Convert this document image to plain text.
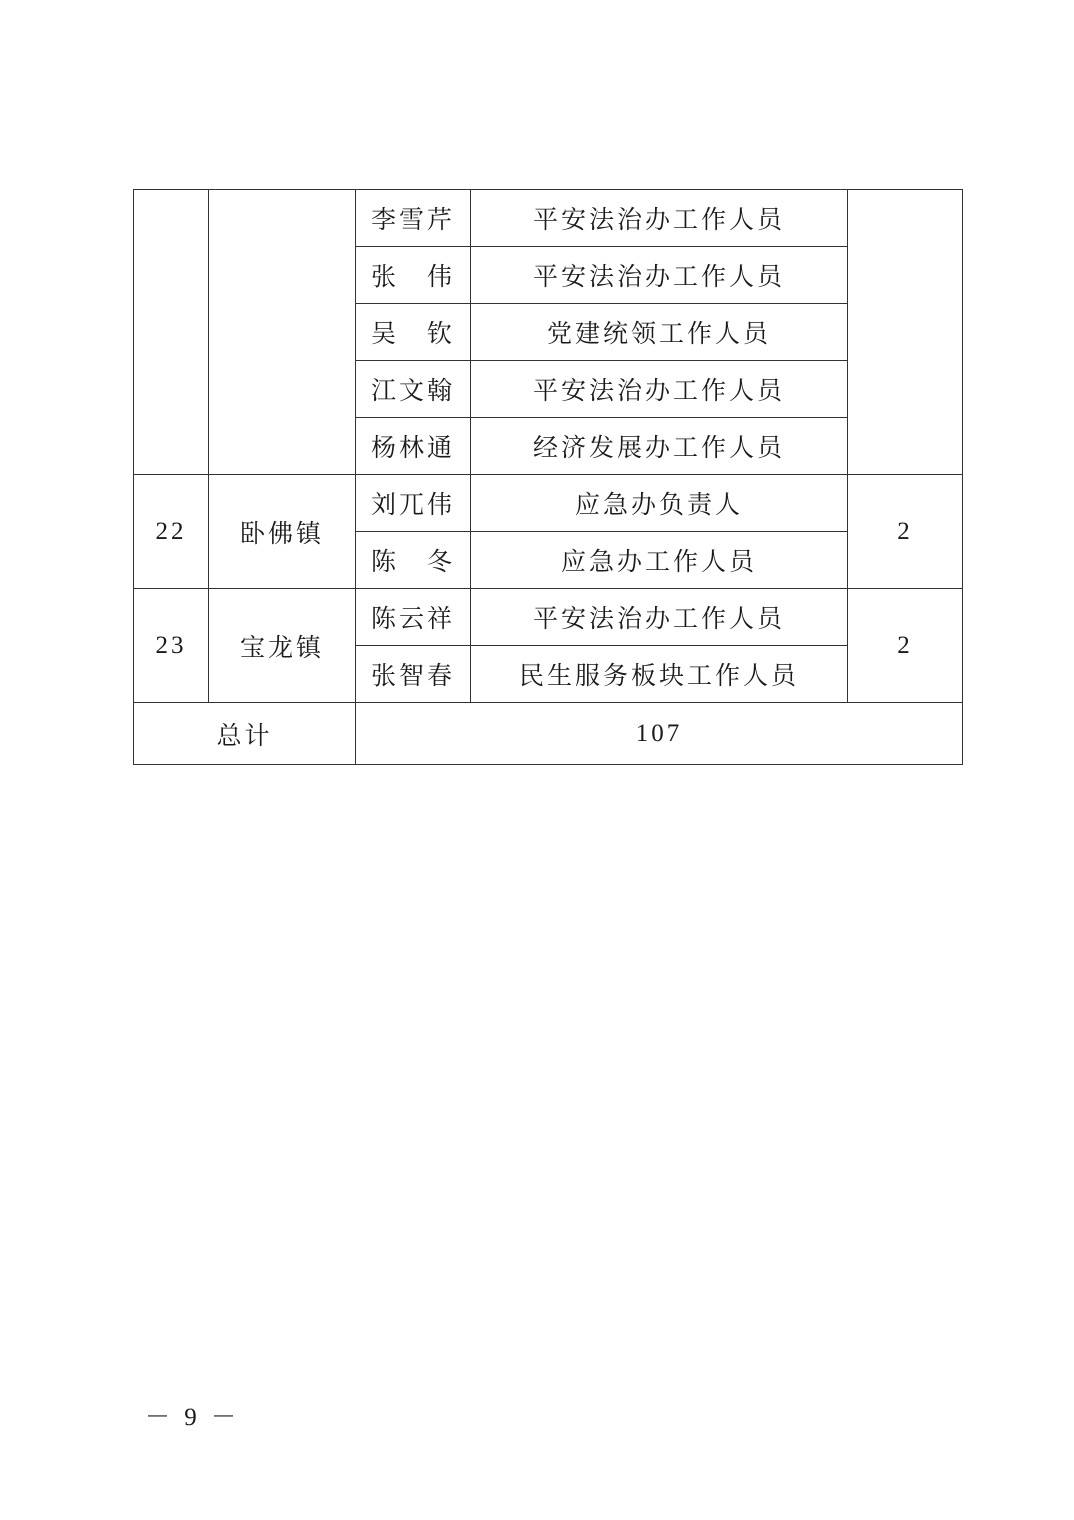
		李雪芹	平安法治办工作人员	
		张　伟	平安法治办工作人员	
		吴　钦	党建统领工作人员	
		江文翰	平安法治办工作人员	
		杨林通	经济发展办工作人员	
22	卧佛镇	刘兀伟	应急办负责人	2
		陈　冬	应急办工作人员	
23	宝龙镇	陈云祥	平安法治办工作人员	2
		张智春	民生服务板块工作人员	
总计		107		
－ 9 －
